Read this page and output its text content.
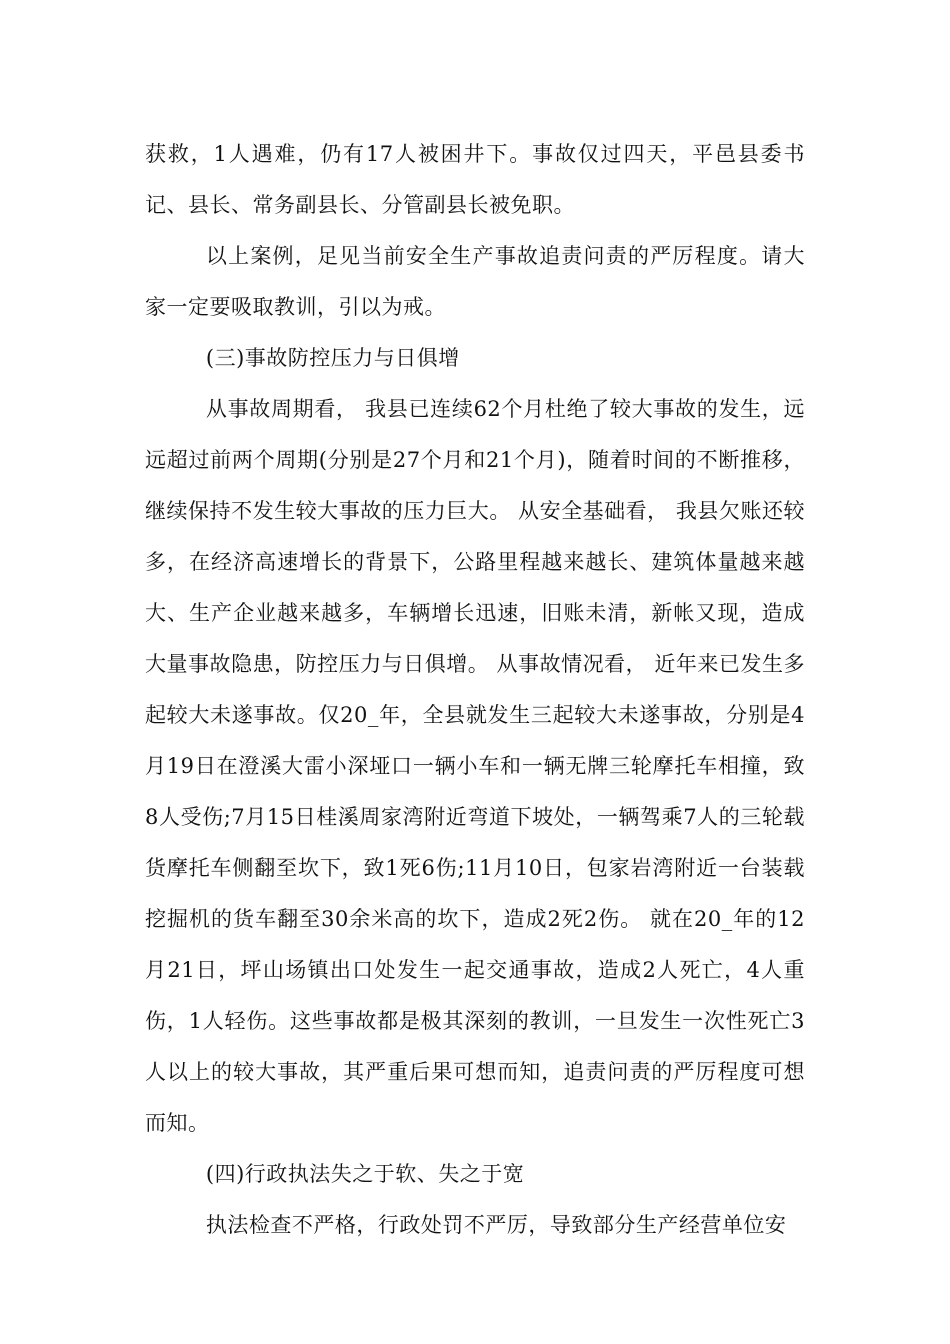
获救，1人遇难，仍有17人被困井下。事故仅过四天，平邑县委书记、县长、常务副县长、分管副县长被免职。

以上案例，足见当前安全生产事故追责问责的严厉程度。请大家一定要吸取教训，引以为戒。

(三)事故防控压力与日俱增

从事故周期看， 我县已连续62个月杜绝了较大事故的发生，远远超过前两个周期(分别是27个月和21个月)，随着时间的不断推移，继续保持不发生较大事故的压力巨大。 从安全基础看， 我县欠账还较多，在经济高速增长的背景下，公路里程越来越长、建筑体量越来越大、生产企业越来越多，车辆增长迅速，旧账未清，新帐又现，造成大量事故隐患，防控压力与日俱增。 从事故情况看， 近年来已发生多起较大未遂事故。仅20_年，全县就发生三起较大未遂事故，分别是4月19日在澄溪大雷小深垭口一辆小车和一辆无牌三轮摩托车相撞，致8人受伤;7月15日桂溪周家湾附近弯道下坡处，一辆驾乘7人的三轮载货摩托车侧翻至坎下，致1死6伤;11月10日，包家岩湾附近一台装载挖掘机的货车翻至30余米高的坎下，造成2死2伤。 就在20_年的12月21日，坪山场镇出口处发生一起交通事故，造成2人死亡，4人重伤，1人轻伤。这些事故都是极其深刻的教训，一旦发生一次性死亡3人以上的较大事故，其严重后果可想而知，追责问责的严厉程度可想而知。

(四)行政执法失之于软、失之于宽

执法检查不严格，行政处罚不严厉，导致部分生产经营单位安
